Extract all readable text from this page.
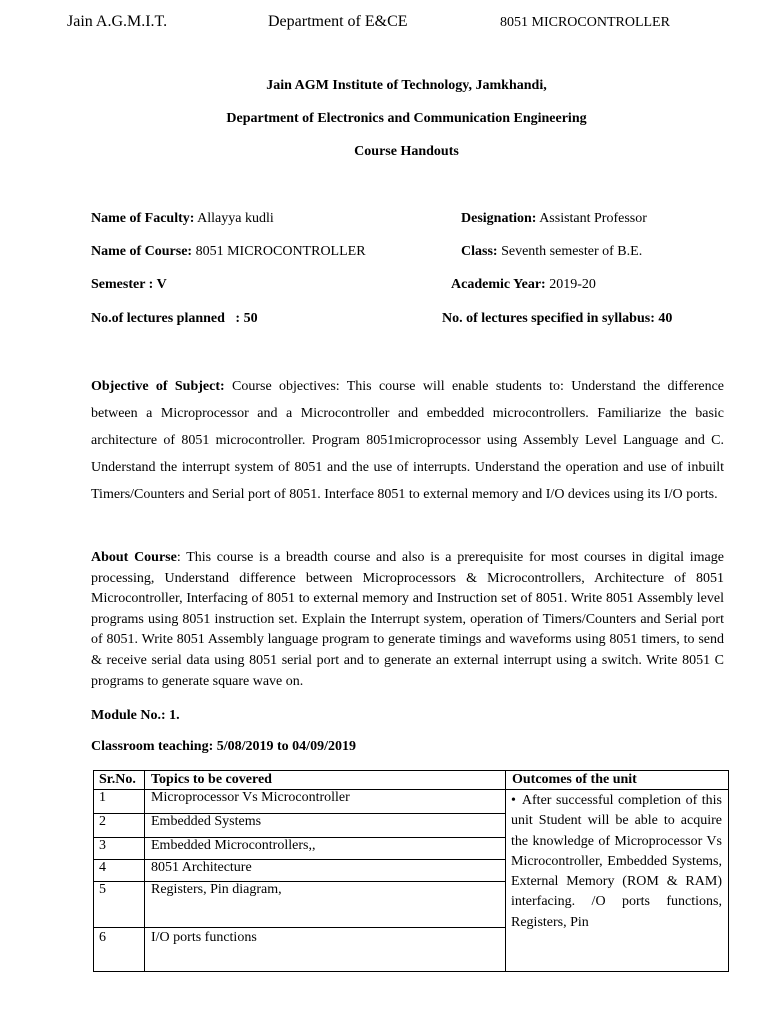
Jain A.G.M.I.T.	Department of E&CE	8051 MICROCONTROLLER
Jain AGM Institute of Technology, Jamkhandi,
Department of Electronics and Communication Engineering
Course Handouts
Name of Faculty: Allayya kudli	Designation: Assistant Professor
Name of Course: 8051 MICROCONTROLLER	Class: Seventh semester of B.E.
Semester : V	Academic Year: 2019-20
No.of lectures planned   : 50	No. of lectures specified in syllabus: 40
Objective of Subject: Course objectives: This course will enable students to: Understand the difference between a Microprocessor and a Microcontroller and embedded microcontrollers. Familiarize the basic architecture of 8051 microcontroller. Program 8051microprocessor using Assembly Level Language and C. Understand the interrupt system of 8051 and the use of interrupts. Understand the operation and use of inbuilt Timers/Counters and Serial port of 8051. Interface 8051 to external memory and I/O devices using its I/O ports.
About Course: This course is a breadth course and also is a prerequisite for most courses in digital image processing, Understand difference between Microprocessors & Microcontrollers, Architecture of 8051 Microcontroller, Interfacing of 8051 to external memory and Instruction set of 8051. Write 8051 Assembly level programs using 8051 instruction set. Explain the Interrupt system, operation of Timers/Counters and Serial port of 8051. Write 8051 Assembly language program to generate timings and waveforms using 8051 timers, to send & receive serial data using 8051 serial port and to generate an external interrupt using a switch. Write 8051 C programs to generate square wave on.
Module No.: 1.
Classroom teaching: 5/08/2019 to 04/09/2019
Sr.No.	Topics to be covered	Outcomes of the unit
1	Microprocessor Vs Microcontroller	• After successful completion of this unit Student will be able to acquire the knowledge of Microprocessor Vs Microcontroller, Embedded Systems, External Memory (ROM & RAM) interfacing. /O ports functions, Registers, Pin

2	Embedded Systems	
3	Embedded Microcontrollers,,	
4	8051 Architecture	
5	Registers, Pin diagram,	
6	I/O ports functions	
